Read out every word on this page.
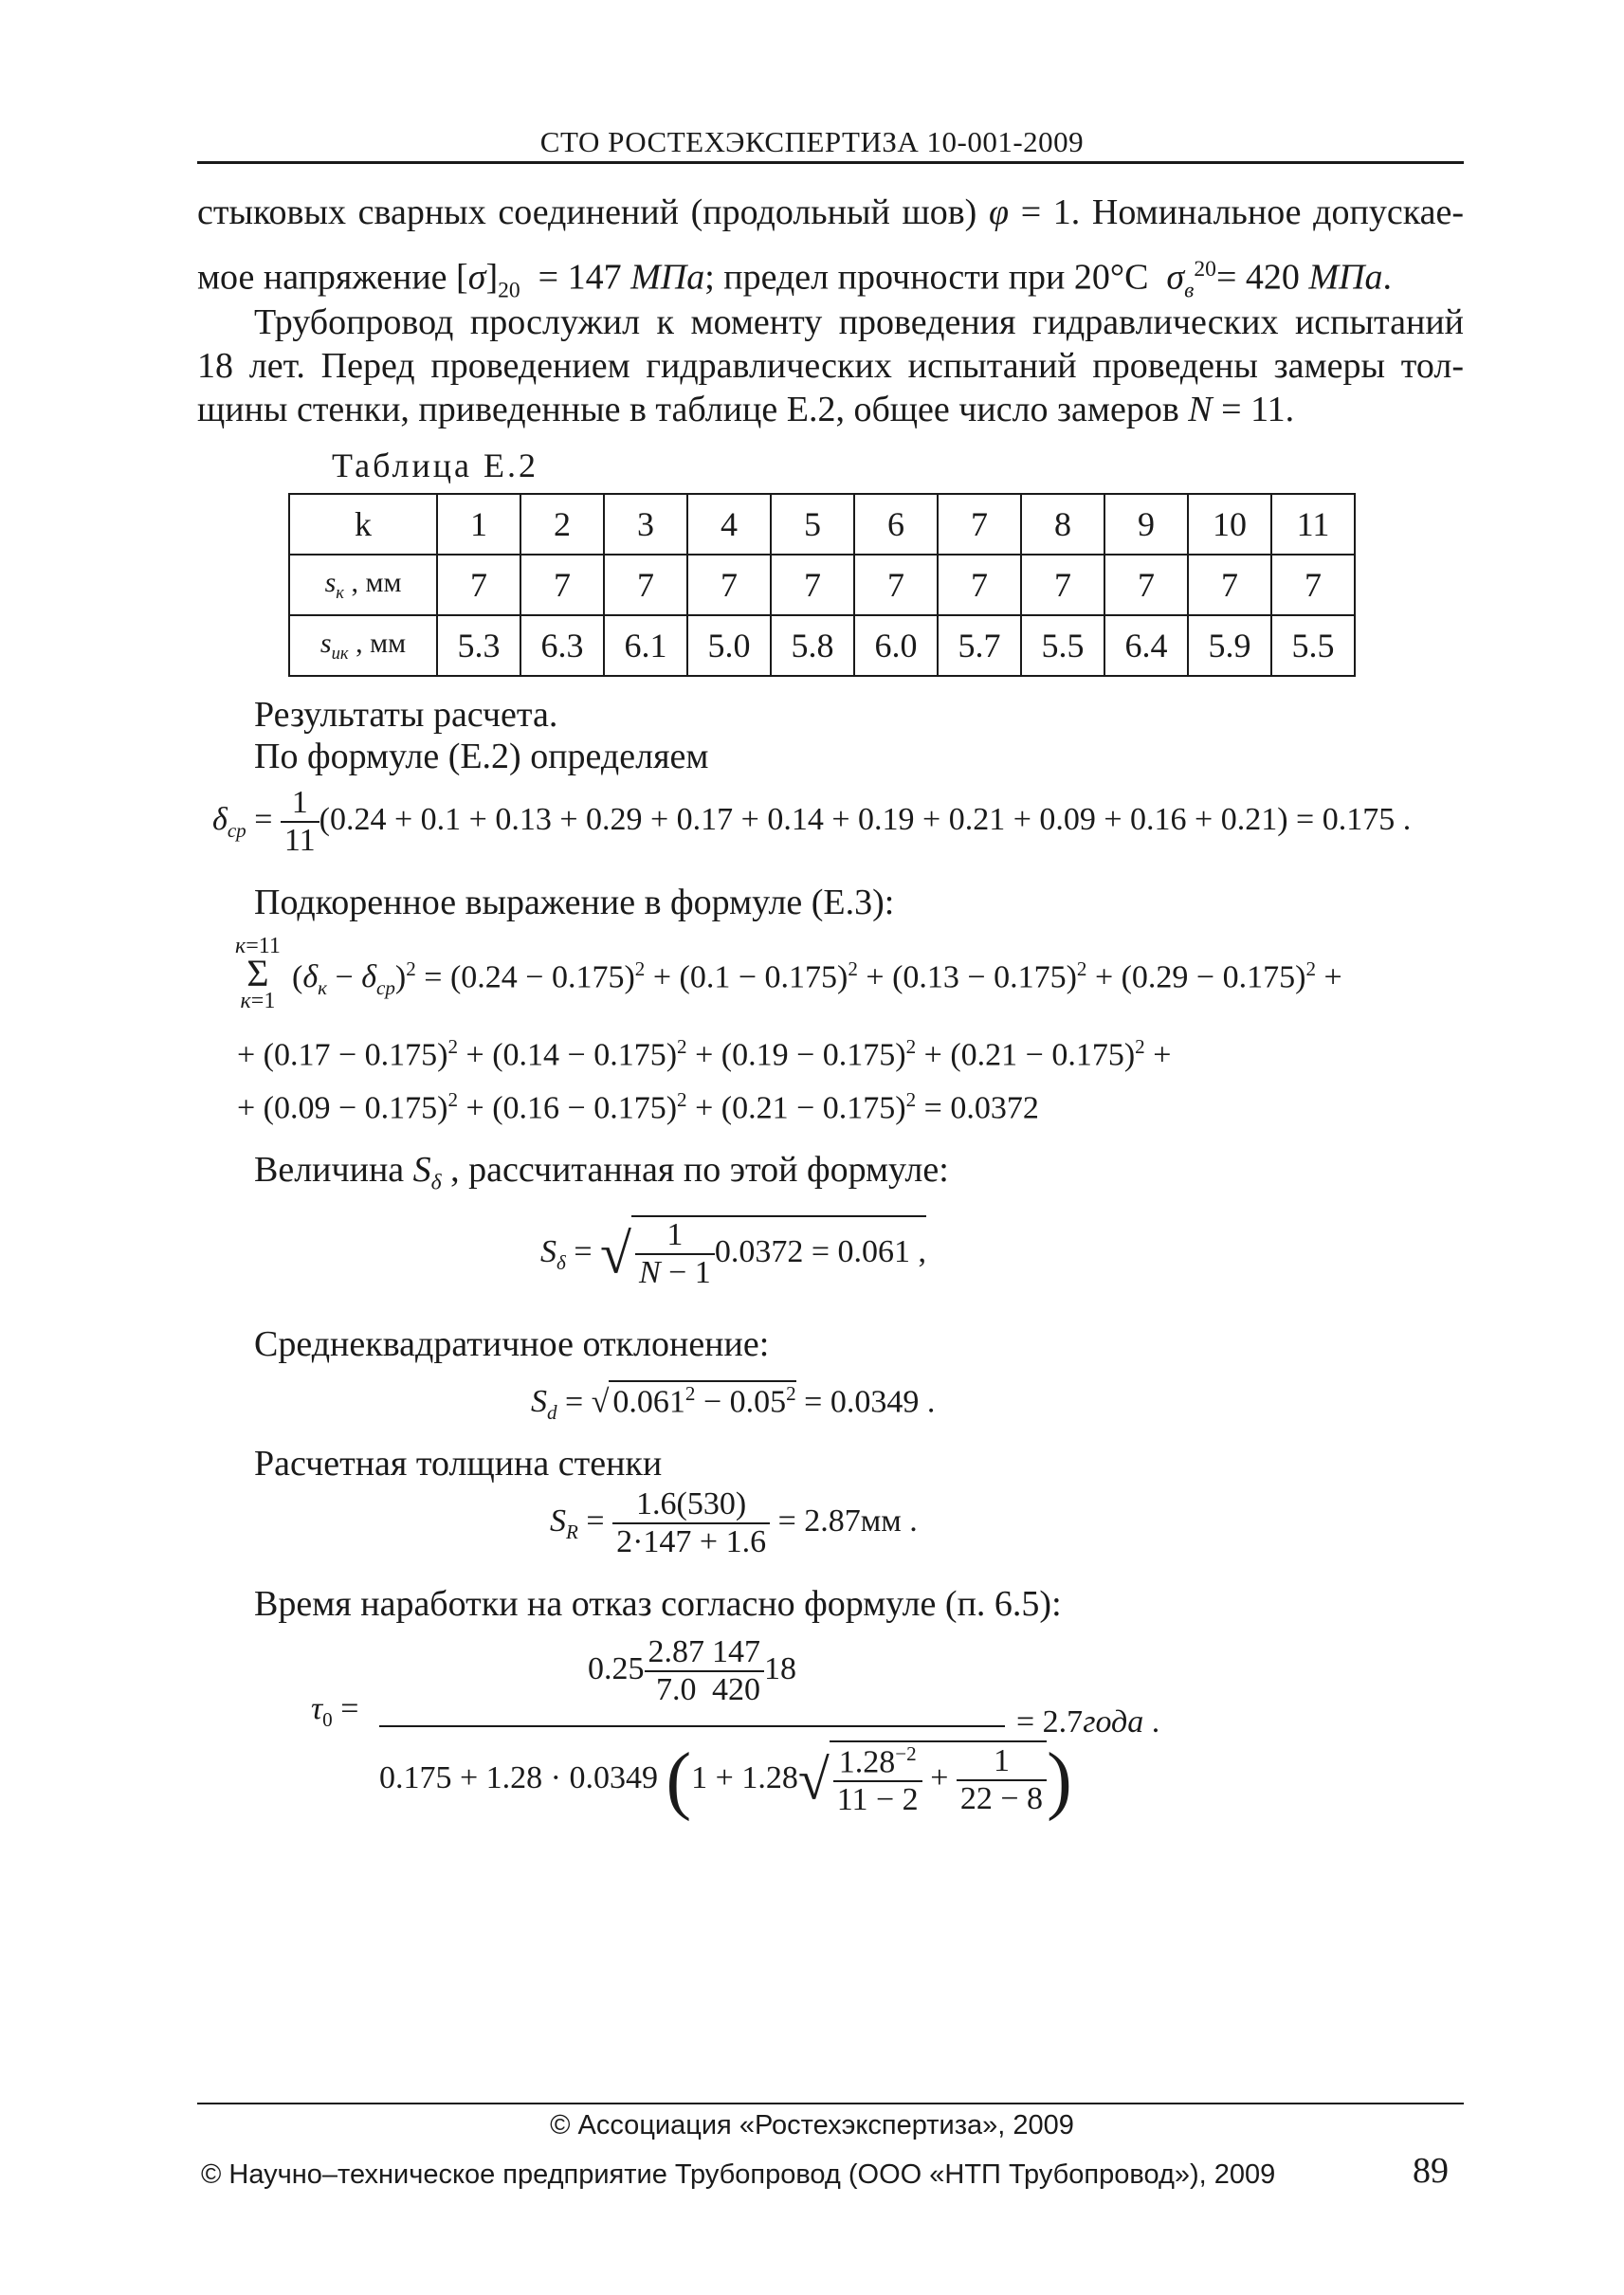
СТО РОСТЕХЭКСПЕРТИЗА 10-001-2009
стыковых сварных соединений (продольный шов) φ = 1. Номинальное допускае-
мое напряжение $[\sigma]_{20} = 147$ МПа; предел прочности при 20°С  $\sigma_в^{20}= 420$ МПа.
Трубопровод прослужил к моменту проведения гидравлических испытаний
18 лет. Перед проведением гидравлических испытаний проведены замеры тол-
щины стенки, приведенные в таблице Е.2, общее число замеров N = 11.
Таблица Е.2
k	1	2	3	4	5	6	7	8	9	10	11
$s_к$ , мм	7	7	7	7	7	7	7	7	7	7	7
$s_{ик}$ , мм	5.3	6.3	6.1	5.0	5.8	6.0	5.7	5.5	6.4	5.9	5.5
Результаты расчета.
По формуле (Е.2) определяем
$\delta_{cp} = \frac{1}{11} (0.24 + 0.1 + 0.13 + 0.29 + 0.17 + 0.14 + 0.19 + 0.21 + 0.09 + 0.16 + 0.21) = 0.175$ .
Подкоренное выражение в формуле (Е.3):
к=11
Σ
к=1
$(\delta_к - \delta_{ср})^2 = (0.24 - 0.175)^2 + (0.1 - 0.175)^2 + (0.13 - 0.175)^2 + (0.29 - 0.175)^2$ +
+ $(0.17 - 0.175)^2 + (0.14 - 0.175)^2 + (0.19 - 0.175)^2 + (0.21 - 0.175)^2$ +
+ $(0.09 - 0.175)^2 + (0.16 - 0.175)^2 + (0.21 - 0.175)^2 = 0.0372$
Величина $S_\delta$ , рассчитанная по этой формуле:
$S_\delta$ = √ $\frac{1}{N - 1} 0.0372 = 0.061$ ,
Среднеквадратичное отклонение:
$S_d$ = √ $0.061^2 - 0.05^2 = 0.0349$ .
Расчетная толщина стенки
$S_R = \frac{1.6(530)}{2\cdot 147 + 1.6} = 2.87мм$ .
Время наработки на отказ согласно формуле (п. 6.5):
$\tau_0$ =
$0.25 \frac{2.87}{7.0} \frac{147}{420} 18$
0.175 + 1.28 · 0.0349 ($1 + 1.28√ \frac{1.28^{-2}}{11 - 2} + \frac{1}{22 - 8}$ )
= 2.7года .
© Ассоциация «Ростехэкспертиза», 2009
© Научно–техническое предприятие Трубопровод (ООО «НТП Трубопровод»), 2009	89
